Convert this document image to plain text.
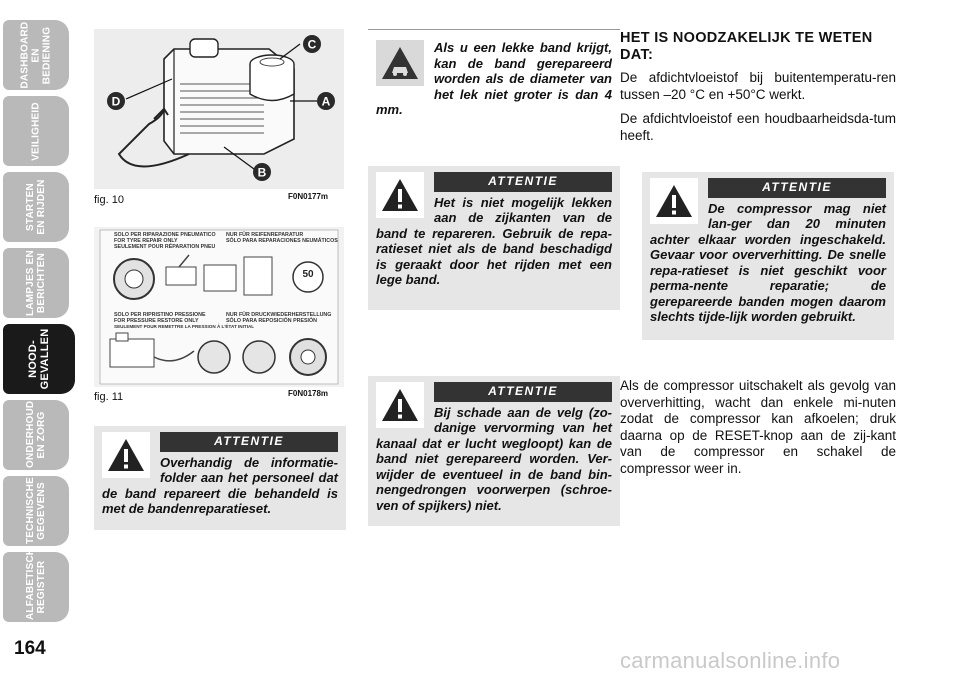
DASHBOARD
EN BEDIENING
VEILIGHEID
STARTEN
EN RIJDEN
LAMPJES EN
BERICHTEN
NOOD-
GEVALLEN
ONDERHOUD
EN ZORG
TECHNISCHE
GEGEVENS
ALFABETISCH
REGISTER
164
C
A
B
D
fig. 10	F0N0177m
SOLO PER RIPARAZIONE PNEUMATICO
FOR TYRE REPAIR ONLY
SEULEMENT POUR RÉPARATION PNEU
NUR FÜR REIFENREPARATUR
SÓLO PARA REPARACIONES NEUMÁTICOS
SOLO PER RIPRISTINO PRESSIONE
FOR PRESSURE RESTORE ONLY
SEULEMENT POUR REMETTRE LA PRESSION À L'ÉTAT INITIAL
NUR FÜR DRUCKWIEDERHERSTELLUNG
SÓLO PARA REPOSICIÓN PRESIÓN
50
fig. 11	F0N0178m
ATTENTIE

Overhandig de informatie-folder aan het personeel dat de band repareert die behandeld is met de bandenreparatieset.

Als u een lekke band krijgt, kan de band gerepareerd worden als de diameter van het lek niet groter is dan 4 mm.

ATTENTIE

Het is niet mogelijk lekken aan de zijkanten van de band te repareren. Gebruik de repa-ratieset niet als de band beschadigd is geraakt door het rijden met een lege band.

ATTENTIE

Bij schade aan de velg (zo-danige vervorming van het kanaal dat er lucht wegloopt) kan de band niet gerepareerd worden. Ver-wijder de eventueel in de band bin-nengedrongen voorwerpen (schroe-ven of spijkers) niet.

HET IS NOODZAKELIJK TE WETEN DAT:

De afdichtvloeistof bij buitentemperatu-ren tussen –20 °C en +50°C werkt.

De afdichtvloeistof een houdbaarheidsda-tum heeft.

ATTENTIE

De compressor mag niet lan-ger dan 20 minuten achter elkaar worden ingeschakeld. Gevaar voor oververhitting. De snelle repa-ratieset is niet geschikt voor perma-nente reparatie; de gerepareerde banden mogen daarom slechts tijde-lijk worden gebruikt.

Als de compressor uitschakelt als gevolg van oververhitting, wacht dan enkele mi-nuten zodat de compressor kan afkoelen; druk daarna op de RESET-knop aan de zij-kant van de compressor en schakel de compressor weer in.

carmanualsonline.info
